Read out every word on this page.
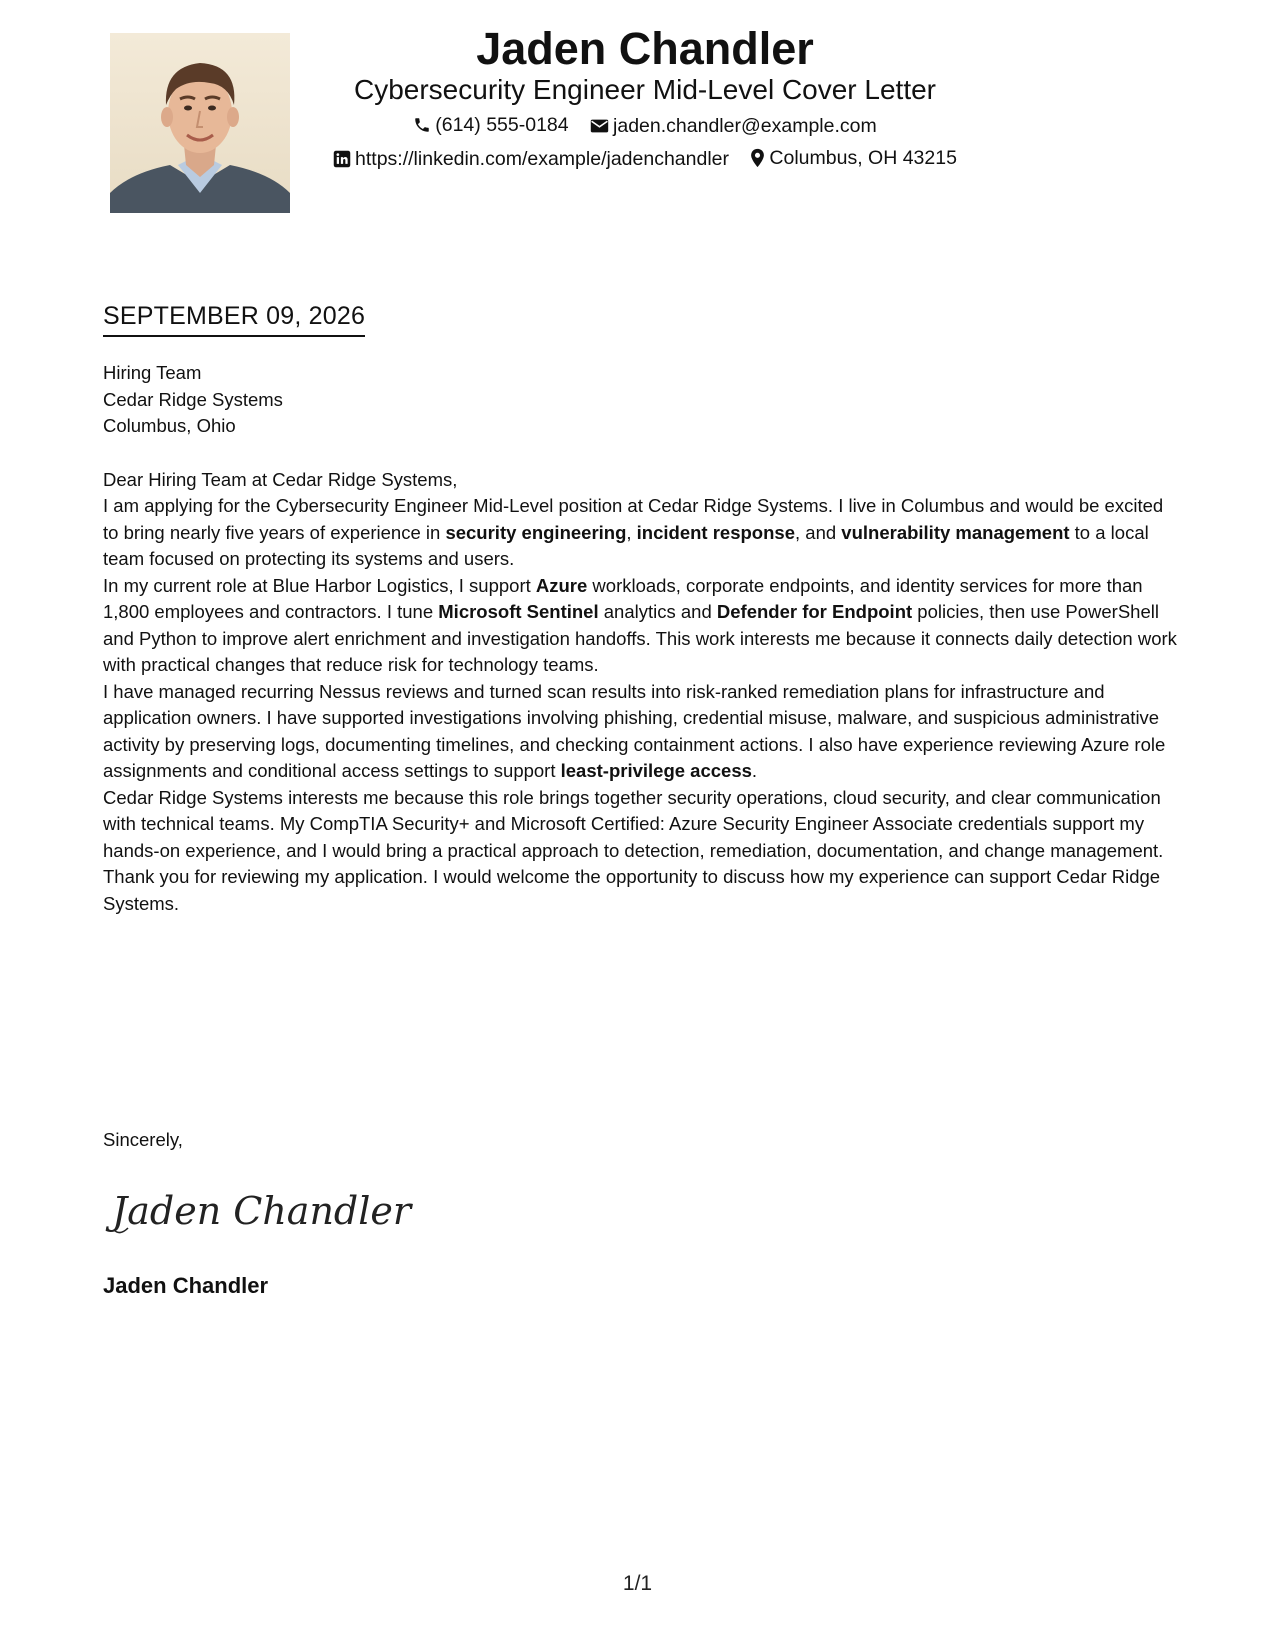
Jaden Chandler
Cybersecurity Engineer Mid-Level Cover Letter
(614) 555-0184
jaden.chandler@example.com
https://linkedin.com/example/jadenchandler
Columbus, OH 43215
SEPTEMBER 09, 2026

Hiring Team

Cedar Ridge Systems

Columbus, Ohio

Dear Hiring Team at Cedar Ridge Systems,

I am applying for the Cybersecurity Engineer Mid-Level position at Cedar Ridge Systems. I live in Columbus and would be excited to bring nearly five years of experience in security engineering, incident response, and vulnerability management to a local team focused on protecting its systems and users.

In my current role at Blue Harbor Logistics, I support Azure workloads, corporate endpoints, and identity services for more than 1,800 employees and contractors. I tune Microsoft Sentinel analytics and Defender for Endpoint policies, then use PowerShell and Python to improve alert enrichment and investigation handoffs. This work interests me because it connects daily detection work with practical changes that reduce risk for technology teams.

I have managed recurring Nessus reviews and turned scan results into risk-ranked remediation plans for infrastructure and application owners. I have supported investigations involving phishing, credential misuse, malware, and suspicious administrative activity by preserving logs, documenting timelines, and checking containment actions. I also have experience reviewing Azure role assignments and conditional access settings to support least-privilege access.

Cedar Ridge Systems interests me because this role brings together security operations, cloud security, and clear communication with technical teams. My CompTIA Security+ and Microsoft Certified: Azure Security Engineer Associate credentials support my hands-on experience, and I would bring a practical approach to detection, remediation, documentation, and change management.

Thank you for reviewing my application. I would welcome the opportunity to discuss how my experience can support Cedar Ridge Systems.

Sincerely,
Jaden Chandler
Jaden Chandler
1/1
